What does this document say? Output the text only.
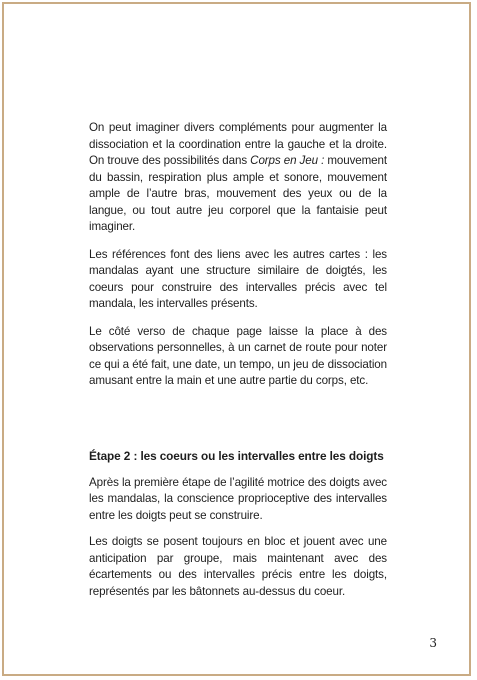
On peut imaginer divers compléments pour augmenter la dissociation et la coordination entre la gauche et la droite. On trouve des possibilités dans Corps en Jeu : mouvement du bassin, respiration plus ample et sonore, mouvement ample de l’autre bras, mouvement des yeux ou de la langue, ou tout autre jeu corporel que la fantaisie peut imaginer.

Les références font des liens avec les autres cartes : les mandalas ayant une structure similaire de doigtés, les coeurs pour construire des intervalles précis avec tel mandala, les intervalles présents.

Le côté verso de chaque page laisse la place à des observations personnelles, à un carnet de route pour noter ce qui a été fait, une date, un tempo, un jeu de dissociation amusant entre la main et une autre partie du corps, etc.

Étape 2 : les coeurs ou les intervalles entre les doigts

Après la première étape de l’agilité motrice des doigts avec les mandalas, la conscience proprioceptive des intervalles entre les doigts peut se construire.

Les doigts se posent toujours en bloc et jouent avec une anticipation par groupe, mais maintenant avec des écartements ou des intervalles précis entre les doigts, représentés par les bâtonnets au-dessus du coeur.

3
